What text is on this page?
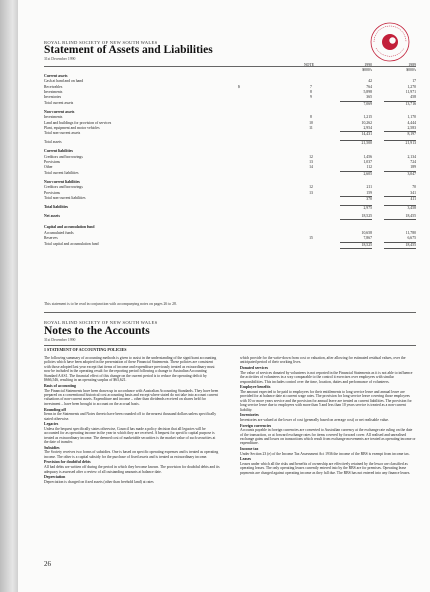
ROYAL BLIND SOCIETY OF NEW SOUTH WALES
Statement of Assets and Liabilities
31st December 1990
NOTE	1990	1989
$000's	$000's
Current assets
Cash at hand and on hand	42	17
Receivables	$	7	764	1,270
Investments	8	5,898	11,971
Inventories	9	365	458
Total current assets	7,069	13,716
Non-current assets
Investments	8	1,215	1,170
Land and buildings for provision of services	10	10,262	4,444
Plant, equipment and motor vehicles	11	2,954	2,583
Total non-current assets	14,431	8,197
Total assets	21,500	21,913
Current liabilities
Creditors and borrowings	12	1,456	2,134
Provisions	13	1,037	724
Other	14	112	189
Total current liabilities	2,605	3,047
Non-current liabilities
Creditors and borrowings	12	211	70
Provisions	13	159	341
Total non-current liabilities	370	411
Total liabilities	2,975	3,458
Net assets	18,525	18,455
Capital and accumulation fund
Accumulated funds	10,658	11,780
Reserves	15	7,867	6,675
Total capital and accumulation fund	18,525	18,455
This statement is to be read in conjunction with accompanying notes on pages 26 to 28.
ROYAL BLIND SOCIETY OF NEW SOUTH WALES
Notes to the Accounts
31st December 1990
1 STATEMENT OF ACCOUNTING POLICIES

The following summary of accounting methods is given to assist in the understanding of the significant accounting policies which have been adopted in the presentation of these Financial Statements. These policies are consistent with those adopted last year except that items of income and expenditure previously treated as extraordinary must now be included in the operating result for the reporting period following a change to Australian Accounting Standard AAS1. The financial effect of this change on the current period is to reduce the operating deficit by $666,546, resulting in an operating surplus of $63,621.

Basis of accounting

The Financial Statements have been drawn up in accordance with Australian Accounting Standards. They have been prepared on a conventional historical cost accounting basis and except where stated do not take into account current valuations of non-current assets. Expenditure and income – other than dividends received on shares held for investment – have been brought to account on the accrual basis.

Rounding off

Items in the Statements and Notes thereto have been rounded off to the nearest thousand dollars unless specifically stated otherwise.

Legacies

Unless the bequest specifically states otherwise, Council has made a policy decision that all legacies will be accounted for as operating income in the year in which they are received. A bequest for specific capital purpose is treated as extraordinary income. The deemed cost of marketable securities is the market value of such securities at the date of transfer.

Subsidies

The Society receives two forms of subsidies. One is based on specific operating expenses and is treated as operating income. The other is a capital subsidy for the purchase of fixed assets and is treated as extraordinary income.

Provision for doubtful debts

All bad debts are written off during the period in which they become known. The provision for doubtful debts and its adequacy is assessed after a review of all outstanding amounts at balance date.

Depreciation

Depreciation is charged on fixed assets (other than freehold land) at rates

which provide for the write-down from cost or valuation, after allowing for estimated residual values, over the anticipated period of their working lives.

Donated services

The value of services donated by volunteers is not reported in the Financial Statements as it is not able to influence the activities of volunteers in a way comparable to the control it exercises over employees with similar responsibilities. This includes control over the time, location, duties and performance of volunteers.

Employee benefits

The amount expected to be paid to employees for their entitlements to long service leave and annual leave are provided for at balance date at current wage rates. The provision for long service leave covering those employees with 10 or more years service and the provision for annual leave are treated as current liabilities. The provision for long service leave due to employees with more than 5 and less than 10 years service is treated as a non-current liability.

Inventories

Inventories are valued at the lower of cost (generally based on average cost) or net realisable value.

Foreign currencies

Accounts payable in foreign currencies are converted to Australian currency at the exchange rate ruling on the date of the transaction, or at forward exchange rates for items covered by forward cover. All realised and unrealised exchange gains and losses on transactions which result from exchange movements are treated as operating income or expenditure.

Income tax

Under Section 23 (e) of the Income Tax Assessment Act 1936 the income of the RBS is exempt from income tax.

Leases

Leases under which all the risks and benefits of ownership are effectively retained by the lessor are classified as operating leases. The only operating leases currently entered into by the RBS are for premises. Operating lease payments are charged against operating income as they fall due. The RBS has not entered into any finance leases.

26
